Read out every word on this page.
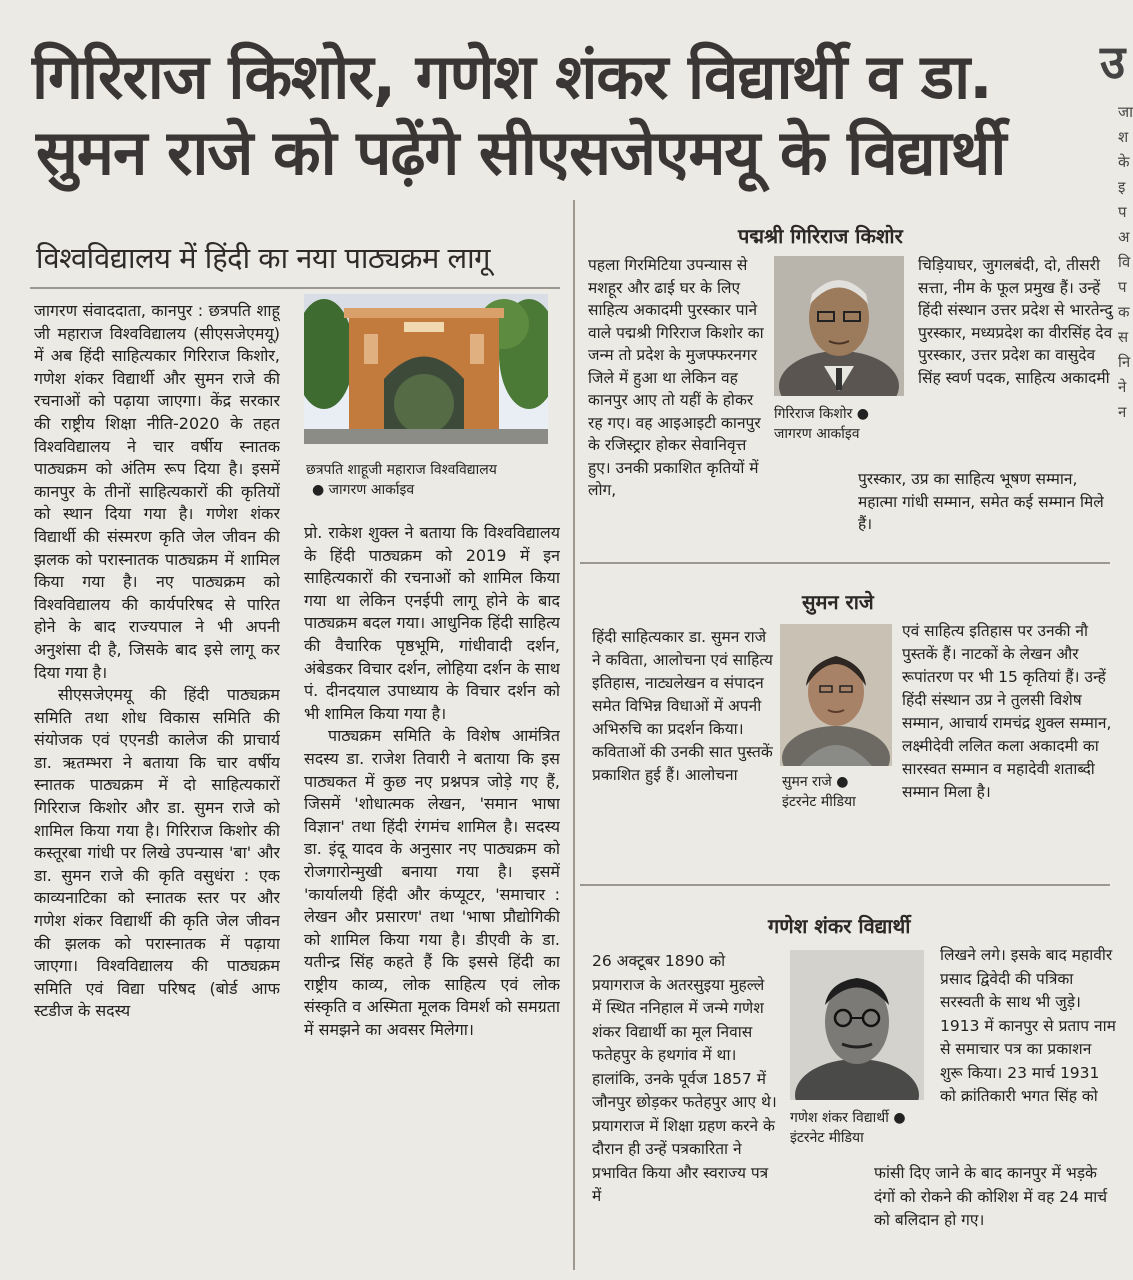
गिरिराज किशोर, गणेश शंकर विद्यार्थी व डा.
सुमन राजे को पढ़ेंगे सीएसजेएमयू के विद्यार्थी
उ
जा
श
के
इ
प
अ
वि
प
क
स
नि
ने
न
विश्वविद्यालय में हिंदी का नया पाठ्यक्रम लागू

जागरण संवाददाता, कानपुर : छत्रपति शाहू जी महाराज विश्वविद्यालय (सीएसजेएमयू) में अब हिंदी साहित्यकार गिरिराज किशोर, गणेश शंकर विद्यार्थी और सुमन राजे की रचनाओं को पढ़ाया जाएगा। केंद्र सरकार की राष्ट्रीय शिक्षा नीति-2020 के तहत विश्वविद्यालय ने चार वर्षीय स्नातक पाठ्यक्रम को अंतिम रूप दिया है। इसमें कानपुर के तीनों साहित्यकारों की कृतियों को स्थान दिया गया है। गणेश शंकर विद्यार्थी की संस्मरण कृति जेल जीवन की झलक को परास्नातक पाठ्यक्रम में शामिल किया गया है। नए पाठ्यक्रम को विश्वविद्यालय की कार्यपरिषद से पारित होने के बाद राज्यपाल ने भी अपनी अनुशंसा दी है, जिसके बाद इसे लागू कर दिया गया है।

सीएसजेएमयू की हिंदी पाठ्यक्रम समिति तथा शोध विकास समिति की संयोजक एवं एएनडी कालेज की प्राचार्य डा. ऋतम्भरा ने बताया कि चार वर्षीय स्नातक पाठ्यक्रम में दो साहित्यकारों गिरिराज किशोर और डा. सुमन राजे को शामिल किया गया है। गिरिराज किशोर की कस्तूरबा गांधी पर लिखे उपन्यास 'बा' और डा. सुमन राजे की कृति वसुधंरा : एक काव्यनाटिका को स्नातक स्तर पर और गणेश शंकर विद्यार्थी की कृति जेल जीवन की झलक को परास्नातक में पढ़ाया जाएगा। विश्वविद्यालय की पाठ्यक्रम समिति एवं विद्या परिषद (बोर्ड आफ स्टडीज के सदस्य

छत्रपति शाहूजी महाराज विश्वविद्यालय
● जागरण आर्काइव

प्रो. राकेश शुक्ल ने बताया कि विश्वविद्यालय के हिंदी पाठ्यक्रम को 2019 में इन साहित्यकारों की रचनाओं को शामिल किया गया था लेकिन एनईपी लागू होने के बाद पाठ्यक्रम बदल गया। आधुनिक हिंदी साहित्य की वैचारिक पृष्ठभूमि, गांधीवादी दर्शन, अंबेडकर विचार दर्शन, लोहिया दर्शन के साथ पं. दीनदयाल उपाध्याय के विचार दर्शन को भी शामिल किया गया है।

पाठ्यक्रम समिति के विशेष आमंत्रित सदस्य डा. राजेश तिवारी ने बताया कि इस पाठ्यकत में कुछ नए प्रश्नपत्र जोड़े गए हैं, जिसमें 'शोधात्मक लेखन, 'समान भाषा विज्ञान' तथा हिंदी रंगमंच शामिल है। सदस्य डा. इंदू यादव के अनुसार नए पाठ्यक्रम को रोजगारोन्मुखी बनाया गया है। इसमें 'कार्यालयी हिंदी और कंप्यूटर, 'समाचार : लेखन और प्रसारण' तथा 'भाषा प्रौद्योगिकी को शामिल किया गया है। डीएवी के डा. यतीन्द्र सिंह कहते हैं कि इससे हिंदी का राष्ट्रीय काव्य, लोक साहित्य एवं लोक संस्कृति व अस्मिता मूलक विमर्श को समग्रता में समझने का अवसर मिलेगा।

पद्मश्री गिरिराज किशोर
पहला गिरमिटिया उपन्यास से मशहूर और ढाई घर के लिए साहित्य अकादमी पुरस्कार पाने वाले पद्मश्री गिरिराज किशोर का जन्म तो प्रदेश के मुजफ्फरनगर जिले में हुआ था लेकिन वह कानपुर आए तो यहीं के होकर रह गए। वह आइआइटी कानपुर के रजिस्ट्रार होकर सेवानिवृत्त हुए। उनकी प्रकाशित कृतियों में लोग,
गिरिराज किशोर ●
जागरण आर्काइव
चिड़ियाघर, जुगलबंदी, दो, तीसरी सत्ता, नीम के फूल प्रमुख हैं। उन्हें हिंदी संस्थान उत्तर प्रदेश से भारतेन्दु पुरस्कार, मध्यप्रदेश का वीरसिंह देव पुरस्कार, उत्तर प्रदेश का वासुदेव सिंह स्वर्ण पदक, साहित्य अकादमी
पुरस्कार, उप्र का साहित्य भूषण सम्मान, महात्मा गांधी सम्मान, समेत कई सम्मान मिले हैं।
सुमन राजे
हिंदी साहित्यकार डा. सुमन राजे ने कविता, आलोचना एवं साहित्य इतिहास, नाट्यलेखन व संपादन समेत विभिन्न विधाओं में अपनी अभिरुचि का प्रदर्शन किया। कविताओं की उनकी सात पुस्तकें प्रकाशित हुई हैं। आलोचना	सुमन राजे ●
इंटरनेट मीडिया
एवं साहित्य इतिहास पर उनकी नौ पुस्तकें हैं। नाटकों के लेखन और रूपांतरण पर भी 15 कृतियां हैं। उन्हें हिंदी संस्थान उप्र ने तुलसी विशेष सम्मान, आचार्य रामचंद्र शुक्ल सम्मान, लक्ष्मीदेवी ललित कला अकादमी का सारस्वत सम्मान व महादेवी शताब्दी सम्मान मिला है।
गणेश शंकर विद्यार्थी
26 अक्टूबर 1890 को प्रयागराज के अतरसुइया मुहल्ले में स्थित ननिहाल में जन्मे गणेश शंकर विद्यार्थी का मूल निवास फतेहपुर के हथगांव में था। हालांकि, उनके पूर्वज 1857 में जौनपुर छोड़कर फतेहपुर आए थे। प्रयागराज में शिक्षा ग्रहण करने के दौरान ही उन्हें पत्रकारिता ने प्रभावित किया और स्वराज्य पत्र में
गणेश शंकर विद्यार्थी ●
इंटरनेट मीडिया
लिखने लगे। इसके बाद महावीर प्रसाद द्विवेदी की पत्रिका सरस्वती के साथ भी जुड़े। 1913 में कानपुर से प्रताप नाम से समाचार पत्र का प्रकाशन शुरू किया। 23 मार्च 1931 को क्रांतिकारी भगत सिंह को
फांसी दिए जाने के बाद कानपुर में भड़के दंगों को रोकने की कोशिश में वह 24 मार्च को बलिदान हो गए।
